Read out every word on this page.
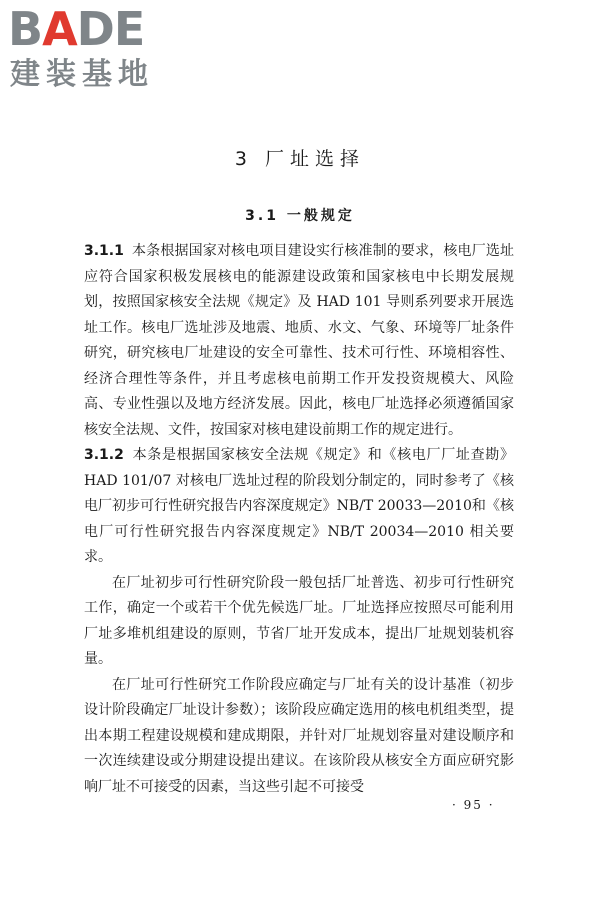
BADE
建装基地
3 厂址选择
3.1 一般规定

3.1.1 本条根据国家对核电项目建设实行核准制的要求，核电厂选址应符合国家积极发展核电的能源建设政策和国家核电中长期发展规划，按照国家核安全法规《规定》及 HAD 101 导则系列要求开展选址工作。核电厂选址涉及地震、地质、水文、气象、环境等厂址条件研究，研究核电厂址建设的安全可靠性、技术可行性、环境相容性、经济合理性等条件，并且考虑核电前期工作开发投资规模大、风险高、专业性强以及地方经济发展。因此，核电厂址选择必须遵循国家核安全法规、文件，按国家对核电建设前期工作的规定进行。

3.1.2 本条是根据国家核安全法规《规定》和《核电厂厂址查勘》HAD 101/07 对核电厂选址过程的阶段划分制定的，同时参考了《核电厂初步可行性研究报告内容深度规定》NB/T 20033—2010和《核电厂可行性研究报告内容深度规定》NB/T 20034—2010 相关要求。

在厂址初步可行性研究阶段一般包括厂址普选、初步可行性研究工作，确定一个或若干个优先候选厂址。厂址选择应按照尽可能利用厂址多堆机组建设的原则，节省厂址开发成本，提出厂址规划装机容量。

在厂址可行性研究工作阶段应确定与厂址有关的设计基准（初步设计阶段确定厂址设计参数）；该阶段应确定选用的核电机组类型，提出本期工程建设规模和建成期限，并针对厂址规划容量对建设顺序和一次连续建设或分期建设提出建议。在该阶段从核安全方面应研究影响厂址不可接受的因素，当这些引起不可接受

· 95 ·
